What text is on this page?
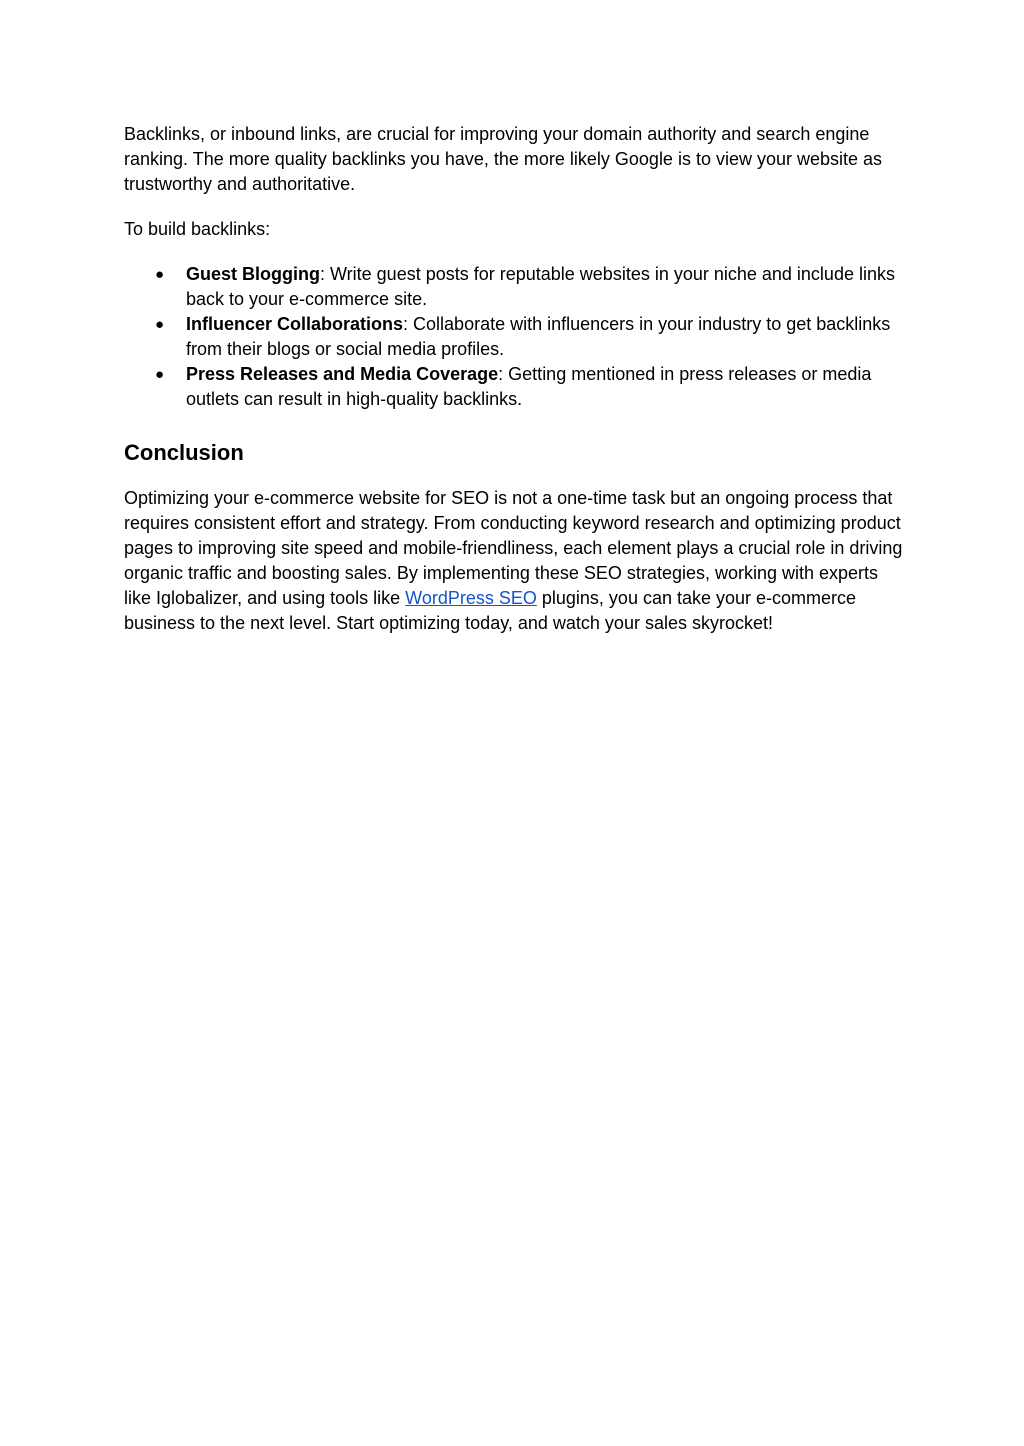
Backlinks, or inbound links, are crucial for improving your domain authority and search engine ranking. The more quality backlinks you have, the more likely Google is to view your website as trustworthy and authoritative.

To build backlinks:

● Guest Blogging: Write guest posts for reputable websites in your niche and include links back to your e-commerce site.
● Influencer Collaborations: Collaborate with influencers in your industry to get backlinks from their blogs or social media profiles.
● Press Releases and Media Coverage: Getting mentioned in press releases or media outlets can result in high-quality backlinks.
Conclusion

Optimizing your e-commerce website for SEO is not a one-time task but an ongoing process that requires consistent effort and strategy. From conducting keyword research and optimizing product pages to improving site speed and mobile-friendliness, each element plays a crucial role in driving organic traffic and boosting sales. By implementing these SEO strategies, working with experts like Iglobalizer, and using tools like WordPress SEO plugins, you can take your e-commerce business to the next level. Start optimizing today, and watch your sales skyrocket!
